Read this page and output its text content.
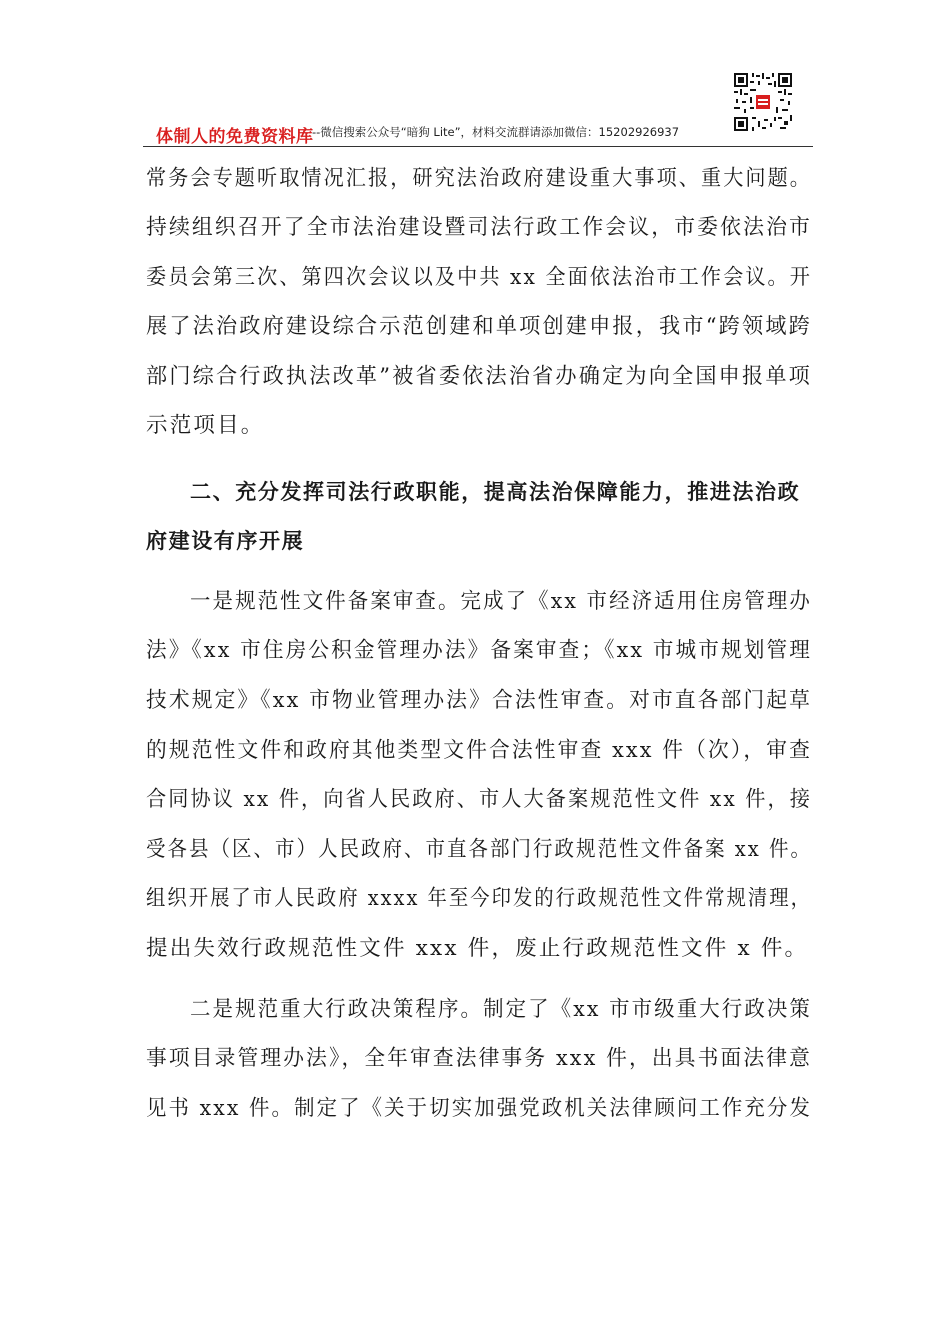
体制人的免费资料库
--微信搜索公众号“暗狗 Lite”，材料交流群请添加微信：15202926937
常务会专题听取情况汇报，研究法治政府建设重大事项、重大问题。
持续组织召开了全市法治建设暨司法行政工作会议，市委依法治市
委员会第三次、第四次会议以及中共 xx 全面依法治市工作会议。开
展了法治政府建设综合示范创建和单项创建申报，我市“跨领域跨
部门综合行政执法改革”被省委依法治省办确定为向全国申报单项
示范项目。
二、充分发挥司法行政职能，提高法治保障能力，推进法治政
府建设有序开展
一是规范性文件备案审查。完成了《xx 市经济适用住房管理办
法》《xx 市住房公积金管理办法》备案审查；《xx 市城市规划管理
技术规定》《xx 市物业管理办法》合法性审查。对市直各部门起草
的规范性文件和政府其他类型文件合法性审查 xxx 件（次），审查
合同协议 xx 件，向省人民政府、市人大备案规范性文件 xx 件，接
受各县（区、市）人民政府、市直各部门行政规范性文件备案 xx 件。
组织开展了市人民政府 xxxx 年至今印发的行政规范性文件常规清理，
提出失效行政规范性文件 xxx 件，废止行政规范性文件 x 件。
二是规范重大行政决策程序。制定了《xx 市市级重大行政决策
事项目录管理办法》，全年审查法律事务 xxx 件，出具书面法律意
见书 xxx 件。制定了《关于切实加强党政机关法律顾问工作充分发
